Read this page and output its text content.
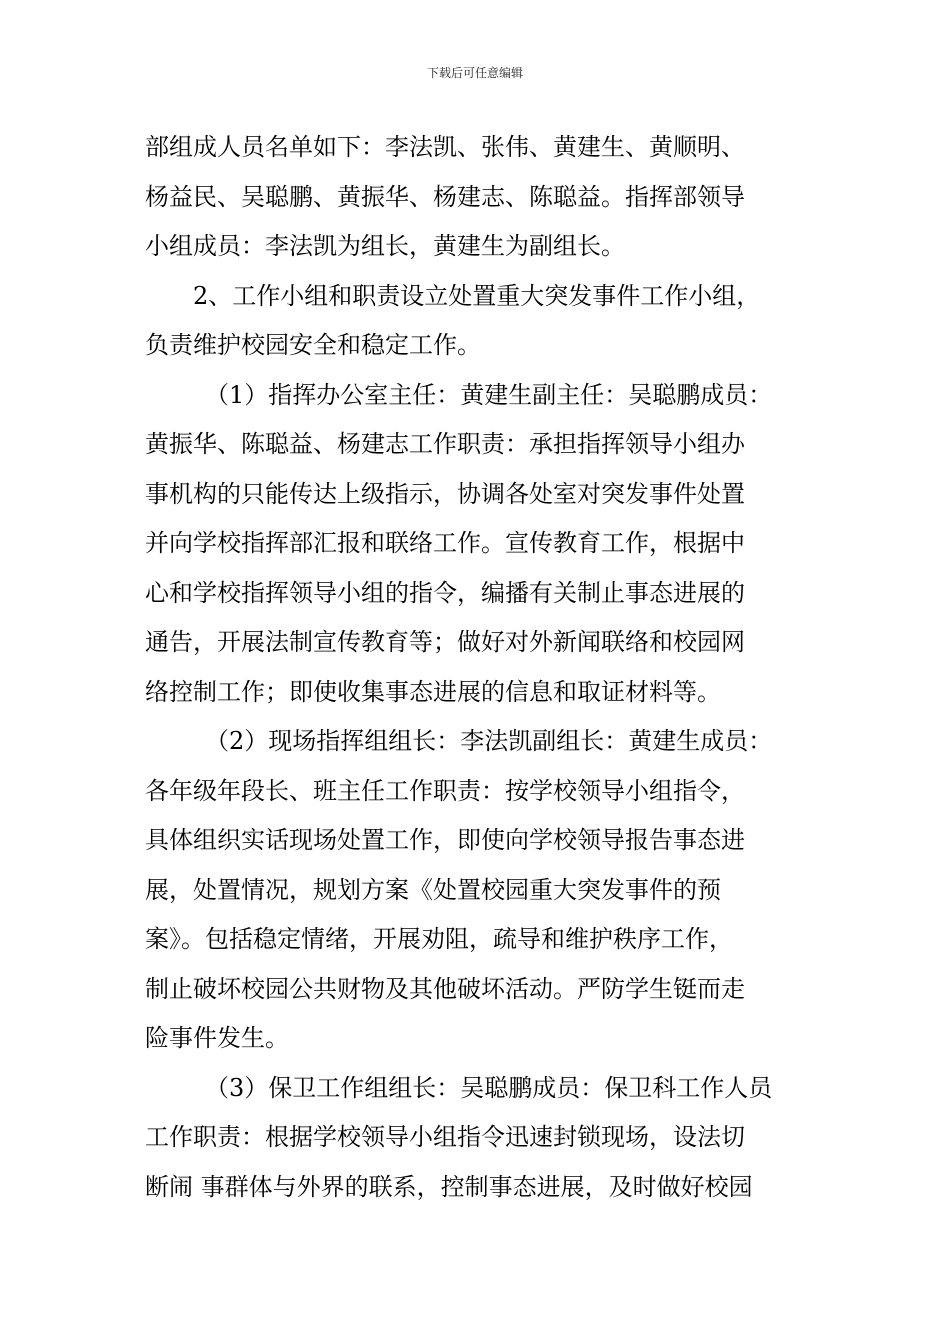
下载后可任意编辑
部组成人员名单如下：李法凯、张伟、黄建生、黄顺明、
杨益民、吴聪鹏、黄振华、杨建志、陈聪益。指挥部领导
小组成员：李法凯为组长，黄建生为副组长。
2、工作小组和职责设立处置重大突发事件工作小组，
负责维护校园安全和稳定工作。
（1）指挥办公室主任：黄建生副主任：吴聪鹏成员：
黄振华、陈聪益、杨建志工作职责：承担指挥领导小组办
事机构的只能传达上级指示，协调各处室对突发事件处置
并向学校指挥部汇报和联络工作。宣传教育工作，根据中
心和学校指挥领导小组的指令，编播有关制止事态进展的
通告，开展法制宣传教育等；做好对外新闻联络和校园网
络控制工作；即使收集事态进展的信息和取证材料等。
（2）现场指挥组组长：李法凯副组长：黄建生成员：
各年级年段长、班主任工作职责：按学校领导小组指令，
具体组织实话现场处置工作，即使向学校领导报告事态进
展，处置情况，规划方案《处置校园重大突发事件的预
案》。包括稳定情绪，开展劝阻，疏导和维护秩序工作，
制止破坏校园公共财物及其他破坏活动。严防学生铤而走
险事件发生。
（3）保卫工作组组长：吴聪鹏成员：保卫科工作人员
工作职责：根据学校领导小组指令迅速封锁现场，设法切
断闹 事群体与外界的联系，控制事态进展，及时做好校园
